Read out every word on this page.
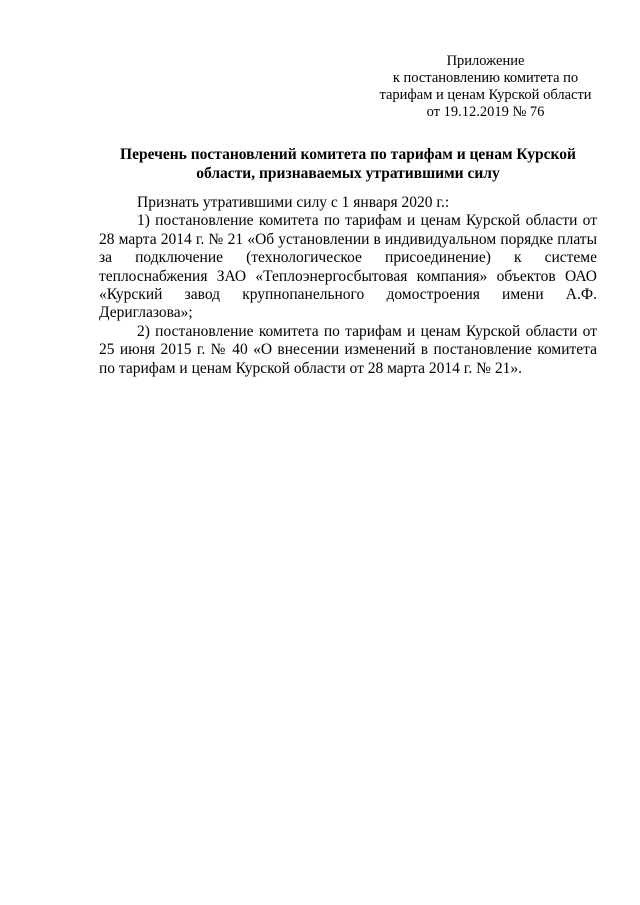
Приложение
к постановлению комитета по
тарифам и ценам Курской области
от 19.12.2019 № 76
Перечень постановлений комитета по тарифам и ценам Курской
области, признаваемых утратившими силу
Признать утратившими силу с 1 января 2020 г.:

1) постановление комитета по тарифам и ценам Курской области от 28 марта 2014 г. № 21 «Об установлении в индивидуальном порядке платы за подключение (технологическое присоединение) к системе теплоснабжения ЗАО «Теплоэнергосбытовая компания» объектов ОАО «Курский завод крупнопанельного домостроения имени А.Ф. Дериглазова»;

2) постановление комитета по тарифам и ценам Курской области от 25 июня 2015 г. № 40 «О внесении изменений в постановление комитета по тарифам и ценам Курской области от 28 марта 2014 г. № 21».
